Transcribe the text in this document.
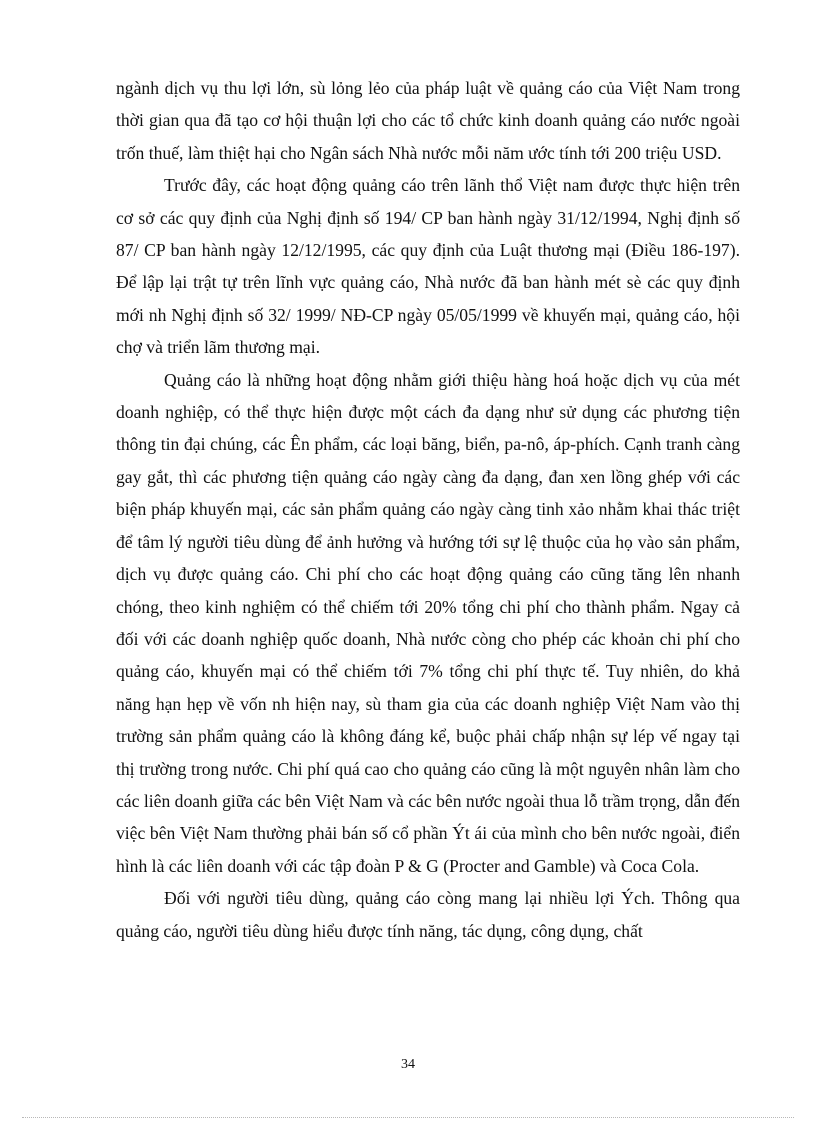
ngành dịch vụ thu lợi lớn, sù lỏng lẻo của pháp luật về quảng cáo của Việt Nam trong thời gian qua đã tạo cơ hội thuận lợi cho các tổ chức kinh doanh quảng cáo nước ngoài trốn thuế, làm thiệt hại cho Ngân sách Nhà nước mỗi năm ước tính tới 200 triệu USD.

Trước đây, các hoạt động quảng cáo trên lãnh thổ Việt nam được thực hiện trên cơ sở các quy định của Nghị định số 194/ CP ban hành ngày 31/12/1994, Nghị định số 87/ CP ban hành ngày 12/12/1995, các quy định của Luật thương mại (Điều 186-197). Để lập lại trật tự trên lĩnh vực quảng cáo, Nhà nước đã ban hành mét sè các quy định mới nh Nghị định số 32/ 1999/ NĐ-CP ngày 05/05/1999 về khuyến mại, quảng cáo, hội chợ và triển lãm thương mại.

Quảng cáo là những hoạt động nhằm giới thiệu hàng hoá hoặc dịch vụ của mét doanh nghiệp, có thể thực hiện được một cách đa dạng như sử dụng các phương tiện thông tin đại chúng, các Ên phẩm, các loại băng, biển, pa-nô, áp-phích. Cạnh tranh càng gay gắt, thì các phương tiện quảng cáo ngày càng đa dạng, đan xen lồng ghép với các biện pháp khuyến mại, các sản phẩm quảng cáo ngày càng tinh xảo nhằm khai thác triệt để tâm lý người tiêu dùng để ảnh hưởng và hướng tới sự lệ thuộc của họ vào sản phẩm, dịch vụ được quảng cáo. Chi phí cho các hoạt động quảng cáo cũng tăng lên nhanh chóng, theo kinh nghiệm có thể chiếm tới 20% tổng chi phí cho thành phẩm. Ngay cả đối với các doanh nghiệp quốc doanh, Nhà nước còng cho phép các khoản chi phí cho quảng cáo, khuyến mại có thể chiếm tới 7% tổng chi phí thực tế. Tuy nhiên, do khả năng hạn hẹp về vốn nh hiện nay, sù tham gia của các doanh nghiệp Việt Nam vào thị trường sản phẩm quảng cáo là không đáng kể, buộc phải chấp nhận sự lép vế ngay tại thị trường trong nước. Chi phí quá cao cho quảng cáo cũng là một nguyên nhân làm cho các liên doanh giữa các bên Việt Nam và các bên nước ngoài thua lỗ trầm trọng, dẫn đến việc bên Việt Nam thường phải bán số cổ phần Ýt ái của mình cho bên nước ngoài, điển hình là các liên doanh với các tập đoàn P & G (Procter and Gamble) và Coca Cola.

Đối với người tiêu dùng, quảng cáo còng mang lại nhiều lợi Ých. Thông qua quảng cáo, người tiêu dùng hiểu được tính năng, tác dụng, công dụng, chất

34
